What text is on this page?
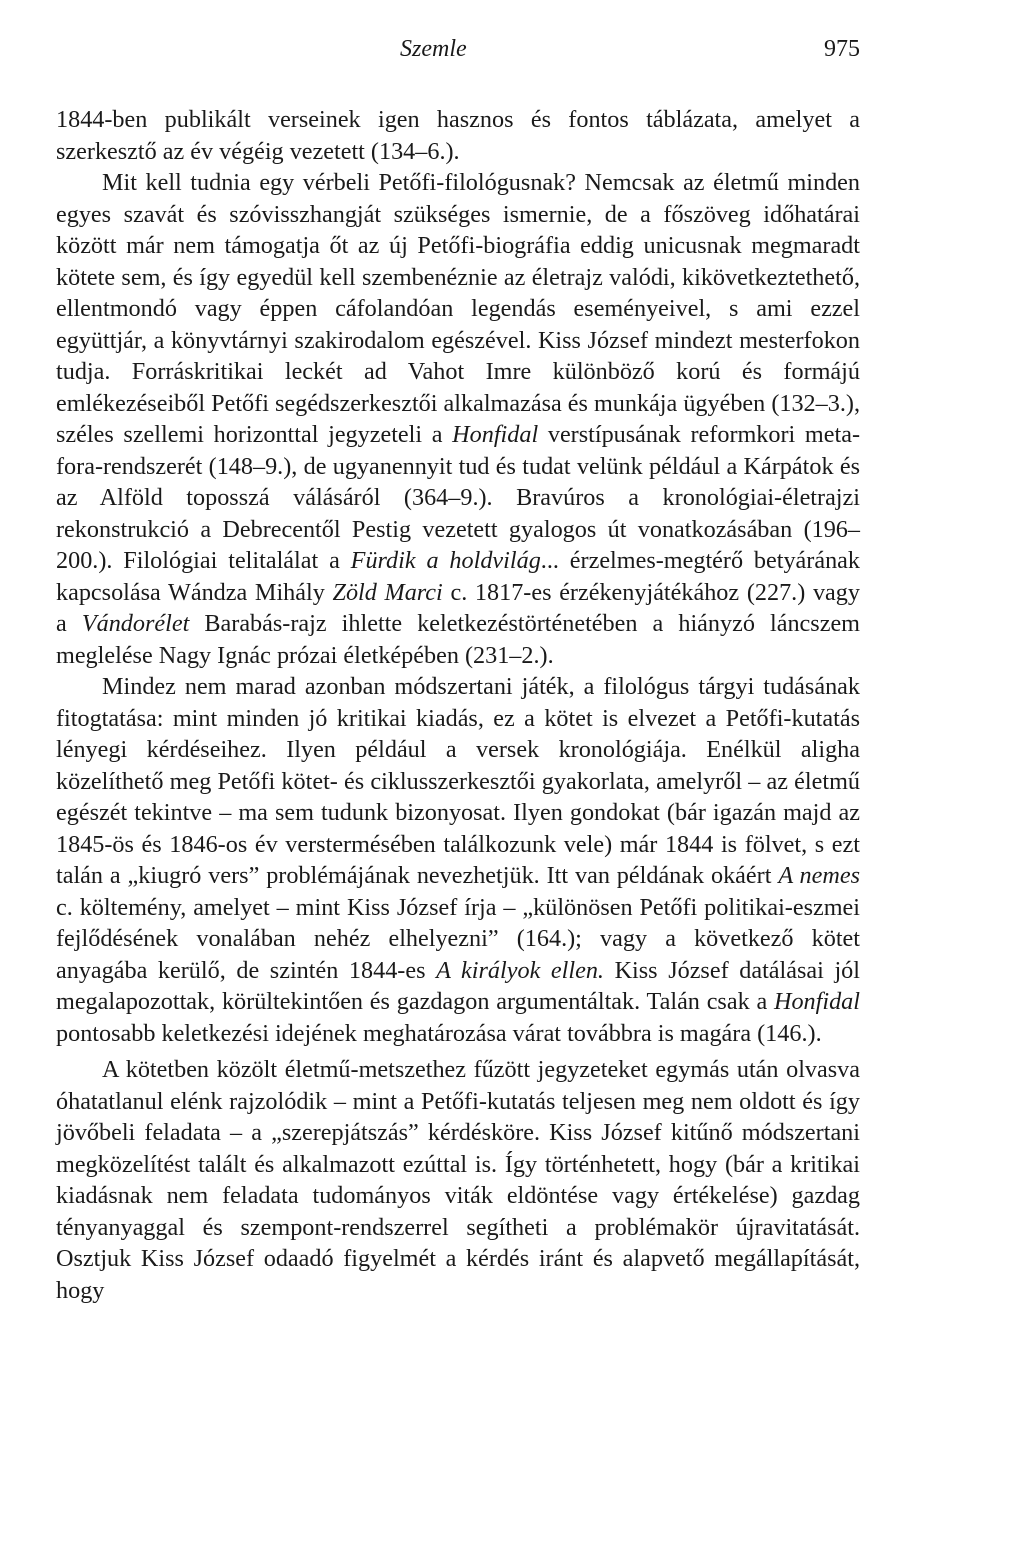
Szemle	975

1844-ben publikált verseinek igen hasznos és fontos táblázata, amelyet a szerkesztő az év végéig vezetett (134–6.).

Mit kell tudnia egy vérbeli Petőfi-filológusnak? Nemcsak az életmű minden egyes szavát és szóvisszhangját szükséges ismernie, de a főszöveg időhatárai között már nem támogatja őt az új Petőfi-biográfia eddig unicusnak megmaradt kötete sem, és így egyedül kell szembenéznie az életrajz valódi, kikövetkeztethető, ellentmondó vagy éppen cáfolandóan legendás eseményeivel, s ami ezzel együttjár, a könyvtárnyi szakirodalom egészével. Kiss József mindezt mesterfokon tudja. Forráskritikai leckét ad Vahot Imre különböző korú és formájú emlékezéseiből Petőfi segédszerkesztői alkalmazása és munkája ügyében (132–3.), széles szellemi horizonttal jegyzeteli a Honfidal verstípusának reformkori metafora-rendszerét (148–9.), de ugyanennyit tud és tudat velünk például a Kárpátok és az Alföld toposszá válásáról (364–9.). Bravúros a kronológiai-életrajzi rekonstrukció a Debrecentől Pestig vezetett gyalogos út vonatkozásában (196–200.). Filológiai telitalálat a Fürdik a holdvilág... érzelmes-megtérő betyárának kapcsolása Wándza Mihály Zöld Marci c. 1817-es érzékenyjátékához (227.) vagy a Vándorélet Barabás-rajz ihlette keletkezéstörténetében a hiányzó láncszem meglelése Nagy Ignác prózai életképében (231–2.).

Mindez nem marad azonban módszertani játék, a filológus tárgyi tudásának fitogtatása: mint minden jó kritikai kiadás, ez a kötet is elvezet a Petőfi-kutatás lényegi kérdéseihez. Ilyen például a versek kronológiája. Enélkül aligha közelíthető meg Petőfi kötet- és ciklusszerkesztői gyakorlata, amelyről – az életmű egészét tekintve – ma sem tudunk bizonyosat. Ilyen gondokat (bár igazán majd az 1845-ös és 1846-os év verstermésében találkozunk vele) már 1844 is fölvet, s ezt talán a „kiugró vers” problémájának nevezhetjük. Itt van példának okáért A nemes c. költemény, amelyet – mint Kiss József írja – „különösen Petőfi politikai-eszmei fejlődésének vonalában nehéz elhelyezni” (164.); vagy a következő kötet anyagába kerülő, de szintén 1844-es A királyok ellen. Kiss József datálásai jól megalapozottak, körültekintően és gazdagon argumentáltak. Talán csak a Honfidal pontosabb keletkezési idejének meghatározása várat továbbra is magára (146.).

A kötetben közölt életmű-metszethez fűzött jegyzeteket egymás után olvasva óhatatlanul elénk rajzolódik – mint a Petőfi-kutatás teljesen meg nem oldott és így jövőbeli feladata – a „szerepjátszás” kérdésköre. Kiss József kitűnő módszertani megközelítést talált és alkalmazott ezúttal is. Így történhetett, hogy (bár a kritikai kiadásnak nem feladata tudományos viták eldöntése vagy értékelése) gazdag tényanyaggal és szempont-rendszerrel segítheti a problémakör újravitatását. Osztjuk Kiss József odaadó figyelmét a kérdés iránt és alapvető megállapítását, hogy
